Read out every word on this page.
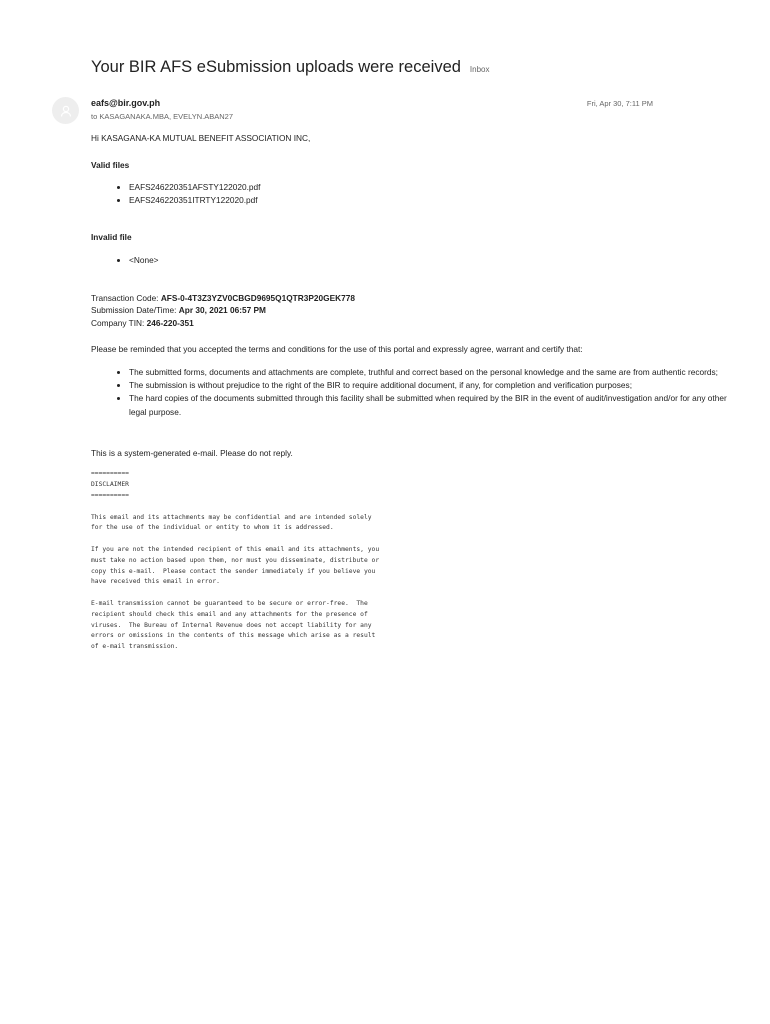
Your BIR AFS eSubmission uploads were received Inbox
eafs@bir.gov.ph
to KASAGANAKA.MBA, EVELYN.ABAN27
Fri, Apr 30, 7:11 PM

Hi KASAGANA-KA MUTUAL BENEFIT ASSOCIATION INC,

Valid files

• EAFS246220351AFSTY122020.pdf
• EAFS246220351ITRTY122020.pdf

Invalid file

• <None>

Transaction Code: AFS-0-4T3Z3YZV0CBGD9695Q1QTR3P20GEK778

Submission Date/Time: Apr 30, 2021 06:57 PM

Company TIN: 246-220-351

Please be reminded that you accepted the terms and conditions for the use of this portal and expressly agree, warrant and certify that:

• The submitted forms, documents and attachments are complete, truthful and correct based on the personal knowledge and the same are from authentic records;
• The submission is without prejudice to the right of the BIR to require additional document, if any, for completion and verification purposes;
• The hard copies of the documents submitted through this facility shall be submitted when required by the BIR in the event of audit/investigation and/or for any other legal purpose.

This is a system-generated e-mail. Please do not reply.

==========
DISCLAIMER
==========

This email and its attachments may be confidential and are intended solely
for the use of the individual or entity to whom it is addressed.

If you are not the intended recipient of this email and its attachments, you
must take no action based upon them, nor must you disseminate, distribute or
copy this e-mail.  Please contact the sender immediately if you believe you
have received this email in error.

E-mail transmission cannot be guaranteed to be secure or error-free.  The
recipient should check this email and any attachments for the presence of
viruses.  The Bureau of Internal Revenue does not accept liability for any
errors or omissions in the contents of this message which arise as a result
of e-mail transmission.
